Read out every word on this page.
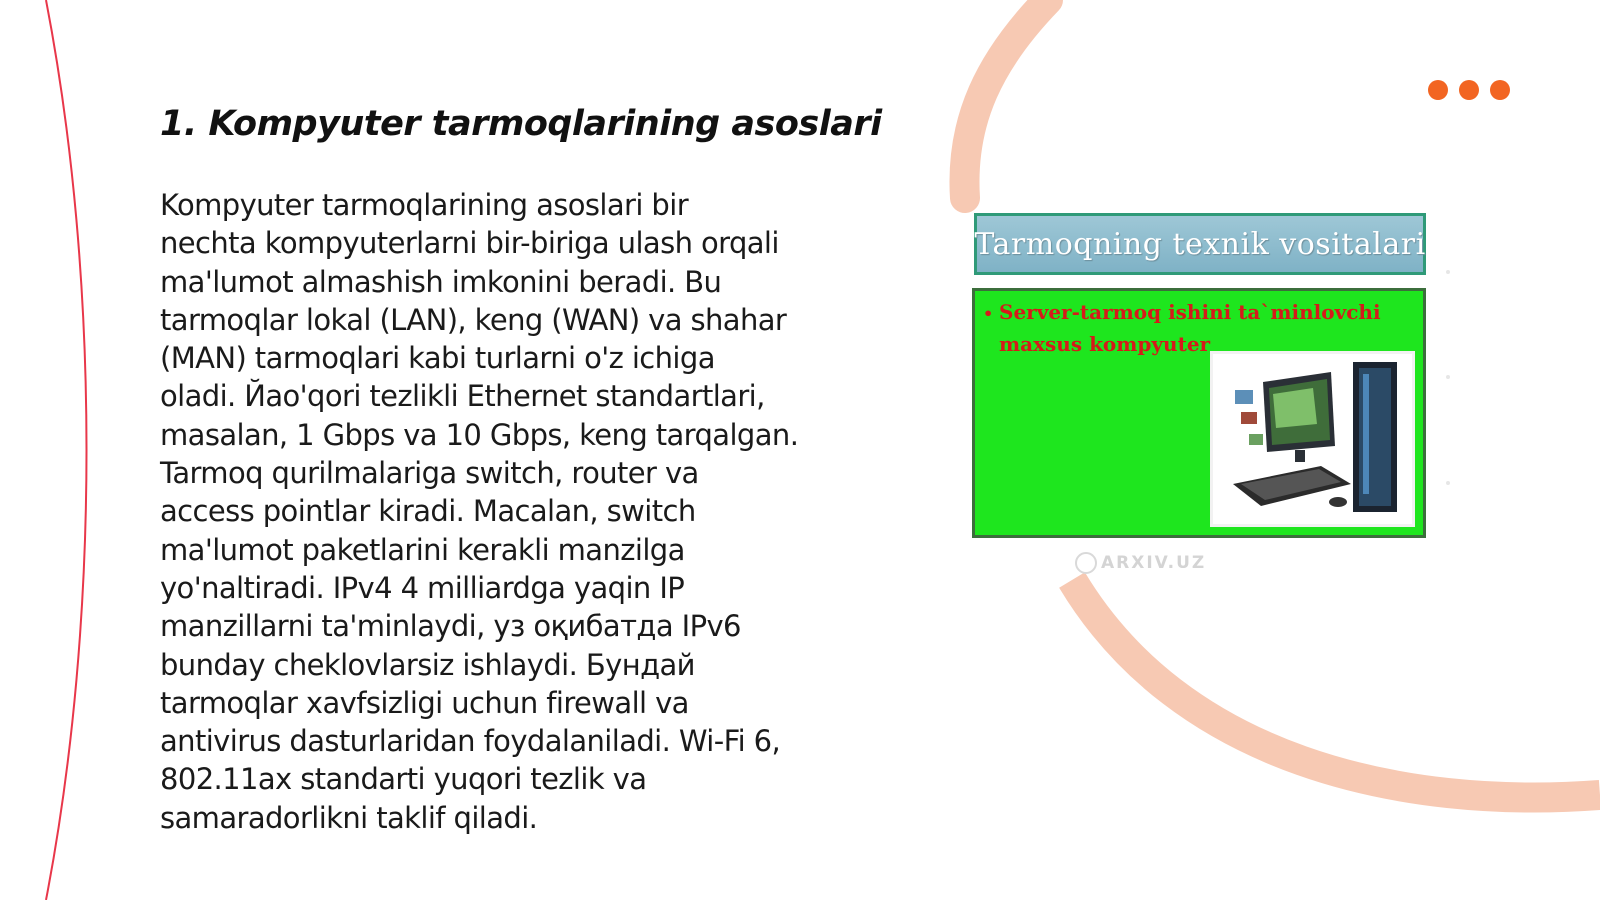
1. Kompyuter tarmoqlarining asoslari
Kompyuter tarmoqlarining asoslari bir
nechta kompyuterlarni bir-biriga ulash orqali
ma'lumot almashish imkonini beradi. Bu
tarmoqlar lokal (LAN), keng (WAN) va shahar
(MAN) tarmoqlari kabi turlarni o'z ichiga
oladi. Йao'qori tezlikli Ethernet standartlari,
masalan, 1 Gbps va 10 Gbps, keng tarqalgan.
Tarmoq qurilmalariga switch, router va
access pointlar kiradi. Macalan, switch
ma'lumot paketlarini kerakli manzilga
yo'naltiradi. IPv4 4 milliardga yaqin IP
manzillarni ta'minlaydi, уз оқибатда IPv6
bunday cheklovlarsiz ishlaydi. Бундай
tarmoqlar xavfsizligi uchun firewall va
antivirus dasturlaridan foydalaniladi. Wi-Fi 6,
802.11ax standarti yuqori tezlik va
samaradorlikni taklif qiladi.
Tarmoqning texnik vositalari
• Server-tarmoq ishini ta`minlovchi
maxsus kompyuter
ARXIV.UZ
